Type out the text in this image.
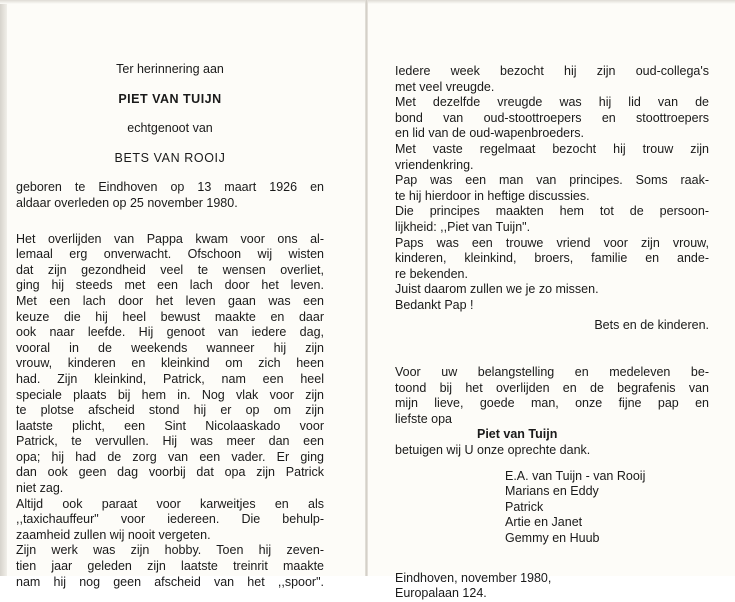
Ter herinnering aan
PIET VAN TUIJN
echtgenoot van
BETS VAN ROOIJ
geboren te Eindhoven op 13 maart 1926 en
aldaar overleden op 25 november 1980.
Het overlijden van Pappa kwam voor ons al-
lemaal erg onverwacht. Ofschoon wij wisten
dat zijn gezondheid veel te wensen overliet,
ging hij steeds met een lach door het leven.
Met een lach door het leven gaan was een
keuze die hij heel bewust maakte en daar
ook naar leefde. Hij genoot van iedere dag,
vooral in de weekends wanneer hij zijn
vrouw, kinderen en kleinkind om zich heen
had. Zijn kleinkind, Patrick, nam een heel
speciale plaats bij hem in. Nog vlak voor zijn
te plotse afscheid stond hij er op om zijn
laatste plicht, een Sint Nicolaaskado voor
Patrick, te vervullen. Hij was meer dan een
opa; hij had de zorg van een vader. Er ging
dan ook geen dag voorbij dat opa zijn Patrick
niet zag.
Altijd ook paraat voor karweitjes en als
,,taxichauffeur" voor iedereen. Die behulp-
zaamheid zullen wij nooit vergeten.
Zijn werk was zijn hobby. Toen hij zeven-
tien jaar geleden zijn laatste treinrit maakte
nam hij nog geen afscheid van het ,,spoor".
Iedere week bezocht hij zijn oud-collega's
met veel vreugde.
Met dezelfde vreugde was hij lid van de
bond van oud-stoottroepers en stoottroepers
en lid van de oud-wapenbroeders.
Met vaste regelmaat bezocht hij trouw zijn
vriendenkring.
Pap was een man van principes. Soms raak-
te hij hierdoor in heftige discussies.
Die principes maakten hem tot de persoon-
lijkheid: ,,Piet van Tuijn".
Paps was een trouwe vriend voor zijn vrouw,
kinderen, kleinkind, broers, familie en ande-
re bekenden.
Juist daarom zullen we je zo missen.
Bedankt Pap !
Bets en de kinderen.
Voor uw belangstelling en medeleven be-
toond bij het overlijden en de begrafenis van
mijn lieve, goede man, onze fijne pap en
liefste opa
Piet van Tuijn
betuigen wij U onze oprechte dank.
E.A. van Tuijn - van Rooij
Marians en Eddy
Patrick
Artie en Janet
Gemmy en Huub
Eindhoven, november 1980,
Europalaan 124.
